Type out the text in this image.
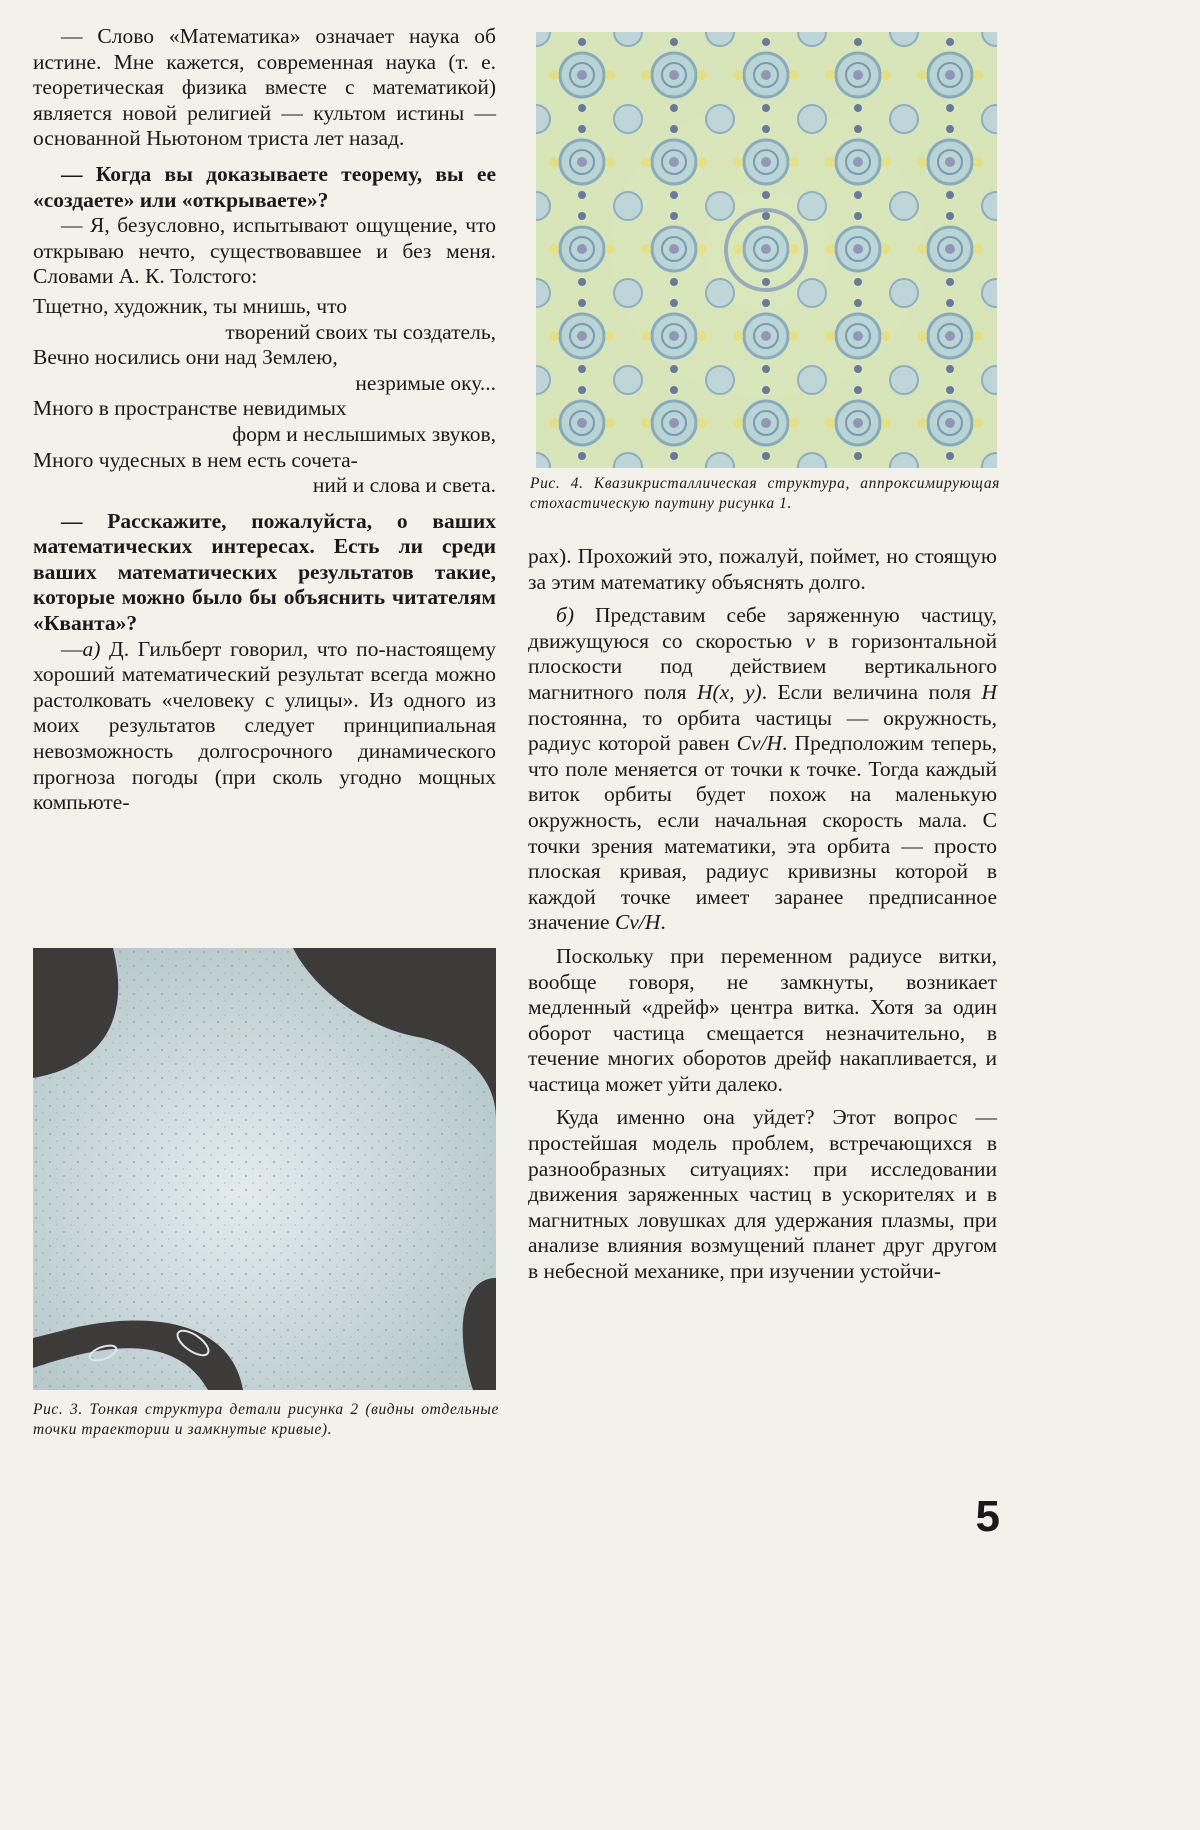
— Слово «Математика» означает наука об истине. Мне кажется, современная наука (т. е. теоретическая физика вместе с математикой) является новой религией — культом истины — основанной Ньютоном триста лет назад.

— Когда вы доказываете теорему, вы ее «создаете» или «открываете»?

— Я, безусловно, испытывают ощущение, что открываю нечто, существовавшее и без меня. Словами А. К. Толстого:

Тщетно, художник, ты мнишь, что
творений своих ты создатель,
Вечно носились они над Землею,
незримые оку...
Много в пространстве невидимых
форм и неслышимых звуков,
Много чудесных в нем есть сочета-
ний и слова и света.

— Расскажите, пожалуйста, о ваших математических интересах. Есть ли среди ваших математических результатов такие, которые можно было бы объяснить читателям «Кванта»?

—а) Д. Гильберт говорил, что по-настоящему хороший математический результат всегда можно растолковать «человеку с улицы». Из одного из моих результатов следует принципиальная невозможность долгосрочного динамического прогноза погоды (при сколь угодно мощных компьюте-

Рис. 4. Квазикристаллическая структура, аппроксимирующая стохастическую паутину рисунка 1.

рах). Прохожий это, пожалуй, поймет, но стоящую за этим математику объяснять долго.

б) Представим себе заряженную частицу, движущуюся со скоростью v в горизонтальной плоскости под действием вертикального магнитного поля H(x, y). Если величина поля H постоянна, то орбита частицы — окружность, радиус которой равен Cv/H. Предположим теперь, что поле меняется от точки к точке. Тогда каждый виток орбиты будет похож на маленькую окружность, если начальная скорость мала. С точки зрения математики, эта орбита — просто плоская кривая, радиус кривизны которой в каждой точке имеет заранее предписанное значение Cv/H.

Поскольку при переменном радиусе витки, вообще говоря, не замкнуты, возникает медленный «дрейф» центра витка. Хотя за один оборот частица смещается незначительно, в течение многих оборотов дрейф накапливается, и частица может уйти далеко.

Куда именно она уйдет? Этот вопрос — простейшая модель проблем, встречающихся в разнообразных ситуациях: при исследовании движения заряженных частиц в ускорителях и в магнитных ловушках для удержания плазмы, при анализе влияния возмущений планет друг другом в небесной механике, при изучении устойчи-

Рис. 3. Тонкая структура детали рисунка 2 (видны отдельные точки траектории и замкнутые кривые).
5
